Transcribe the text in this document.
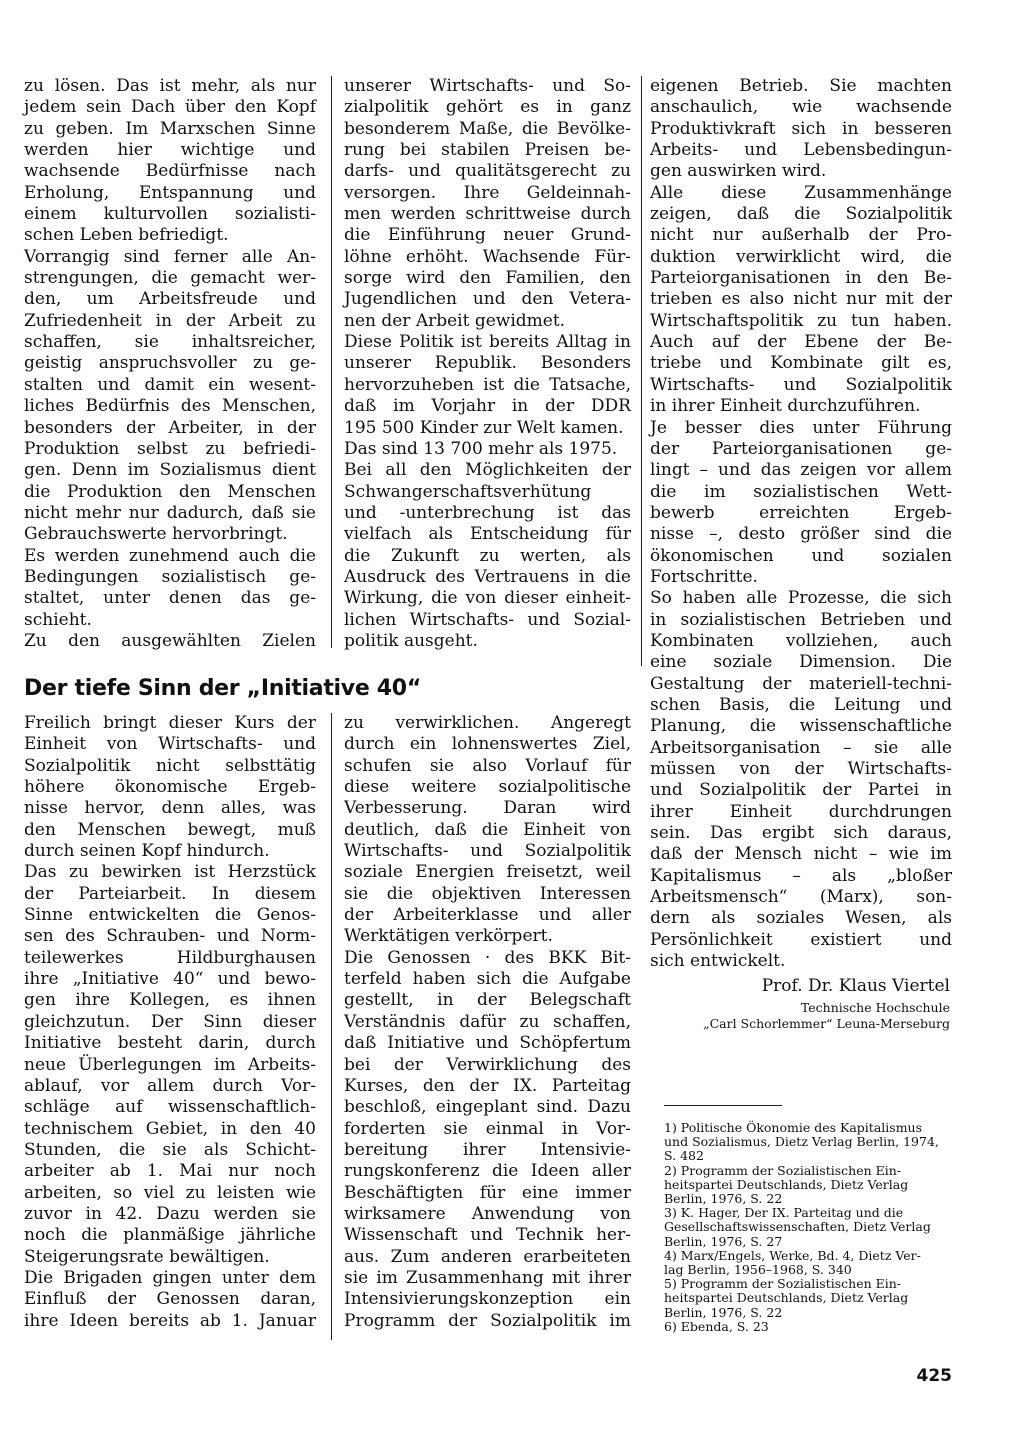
zu lösen. Das ist mehr, als nur
jedem sein Dach über den Kopf
zu geben. Im Marxschen Sinne
werden hier wichtige und
wachsende Bedürfnisse nach
Erholung, Entspannung und
einem kulturvollen sozialisti-
schen Leben befriedigt.
Vorrangig sind ferner alle An-
strengungen, die gemacht wer-
den, um Arbeitsfreude und
Zufriedenheit in der Arbeit zu
schaffen, sie inhaltsreicher,
geistig anspruchsvoller zu ge-
stalten und damit ein wesent-
liches Bedürfnis des Menschen,
besonders der Arbeiter, in der
Produktion selbst zu befriedi-
gen. Denn im Sozialismus dient
die Produktion den Menschen
nicht mehr nur dadurch, daß sie
Gebrauchswerte hervorbringt.
Es werden zunehmend auch die
Bedingungen sozialistisch ge-
staltet, unter denen das ge-
schieht.
Zu den ausgewählten Zielen
unserer Wirtschafts- und So-
zialpolitik gehört es in ganz
besonderem Maße, die Bevölke-
rung bei stabilen Preisen be-
darfs- und qualitätsgerecht zu
versorgen. Ihre Geldeinnah-
men werden schrittweise durch
die Einführung neuer Grund-
löhne erhöht. Wachsende Für-
sorge wird den Familien, den
Jugendlichen und den Vetera-
nen der Arbeit gewidmet.
Diese Politik ist bereits Alltag in
unserer Republik. Besonders
hervorzuheben ist die Tatsache,
daß im Vorjahr in der DDR
195 500 Kinder zur Welt kamen.
Das sind 13 700 mehr als 1975.
Bei all den Möglichkeiten der
Schwangerschaftsverhütung
und -unterbrechung ist das
vielfach als Entscheidung für
die Zukunft zu werten, als
Ausdruck des Vertrauens in die
Wirkung, die von dieser einheit-
lichen Wirtschafts- und Sozial-
politik ausgeht.
eigenen Betrieb. Sie machten
anschaulich, wie wachsende
Produktivkraft sich in besseren
Arbeits- und Lebensbedingun-
gen auswirken wird.
Alle diese Zusammenhänge
zeigen, daß die Sozialpolitik
nicht nur außerhalb der Pro-
duktion verwirklicht wird, die
Parteiorganisationen in den Be-
trieben es also nicht nur mit der
Wirtschaftspolitik zu tun haben.
Auch auf der Ebene der Be-
triebe und Kombinate gilt es,
Wirtschafts- und Sozialpolitik
in ihrer Einheit durchzuführen.
Je besser dies unter Führung
der Parteiorganisationen ge-
lingt – und das zeigen vor allem
die im sozialistischen Wett-
bewerb erreichten Ergeb-
nisse –, desto größer sind die
ökonomischen und sozialen
Fortschritte.
So haben alle Prozesse, die sich
in sozialistischen Betrieben und
Kombinaten vollziehen, auch
eine soziale Dimension. Die
Gestaltung der materiell-techni-
schen Basis, die Leitung und
Planung, die wissenschaftliche
Arbeitsorganisation – sie alle
müssen von der Wirtschafts-
und Sozialpolitik der Partei in
ihrer Einheit durchdrungen
sein. Das ergibt sich daraus,
daß der Mensch nicht – wie im
Kapitalismus – als „bloßer
Arbeitsmensch“ (Marx), son-
dern als soziales Wesen, als
Persönlichkeit existiert und
sich entwickelt.
Prof. Dr. Klaus Viertel
Technische Hochschule
„Carl Schorlemmer“ Leuna-Merseburg
Der tiefe Sinn der „Initiative 40“
Freilich bringt dieser Kurs der
Einheit von Wirtschafts- und
Sozialpolitik nicht selbsttätig
höhere ökonomische Ergeb-
nisse hervor, denn alles, was
den Menschen bewegt, muß
durch seinen Kopf hindurch.
Das zu bewirken ist Herzstück
der Parteiarbeit. In diesem
Sinne entwickelten die Genos-
sen des Schrauben- und Norm-
teilewerkes Hildburghausen
ihre „Initiative 40“ und bewo-
gen ihre Kollegen, es ihnen
gleichzutun. Der Sinn dieser
Initiative besteht darin, durch
neue Überlegungen im Arbeits-
ablauf, vor allem durch Vor-
schläge auf wissenschaftlich-
technischem Gebiet, in den 40
Stunden, die sie als Schicht-
arbeiter ab 1. Mai nur noch
arbeiten, so viel zu leisten wie
zuvor in 42. Dazu werden sie
noch die planmäßige jährliche
Steigerungsrate bewältigen.
Die Brigaden gingen unter dem
Einfluß der Genossen daran,
ihre Ideen bereits ab 1. Januar
zu verwirklichen. Angeregt
durch ein lohnenswertes Ziel,
schufen sie also Vorlauf für
diese weitere sozialpolitische
Verbesserung. Daran wird
deutlich, daß die Einheit von
Wirtschafts- und Sozialpolitik
soziale Energien freisetzt, weil
sie die objektiven Interessen
der Arbeiterklasse und aller
Werktätigen verkörpert.
Die Genossen · des BKK Bit-
terfeld haben sich die Aufgabe
gestellt, in der Belegschaft
Verständnis dafür zu schaffen,
daß Initiative und Schöpfertum
bei der Verwirklichung des
Kurses, den der IX. Parteitag
beschloß, eingeplant sind. Dazu
forderten sie einmal in Vor-
bereitung ihrer Intensivie-
rungskonferenz die Ideen aller
Beschäftigten für eine immer
wirksamere Anwendung von
Wissenschaft und Technik her-
aus. Zum anderen erarbeiteten
sie im Zusammenhang mit ihrer
Intensivierungskonzeption ein
Programm der Sozialpolitik im
1) Politische Ökonomie des Kapitalismus
und Sozialismus, Dietz Verlag Berlin, 1974,
S. 482
2) Programm der Sozialistischen Ein-
heitspartei Deutschlands, Dietz Verlag
Berlin, 1976, S. 22
3) K. Hager, Der IX. Parteitag und die
Gesellschaftswissenschaften, Dietz Verlag
Berlin, 1976, S. 27
4) Marx/Engels, Werke, Bd. 4, Dietz Ver-
lag Berlin, 1956–1968, S. 340
5) Programm der Sozialistischen Ein-
heitspartei Deutschlands, Dietz Verlag
Berlin, 1976, S. 22
6) Ebenda, S. 23
425
